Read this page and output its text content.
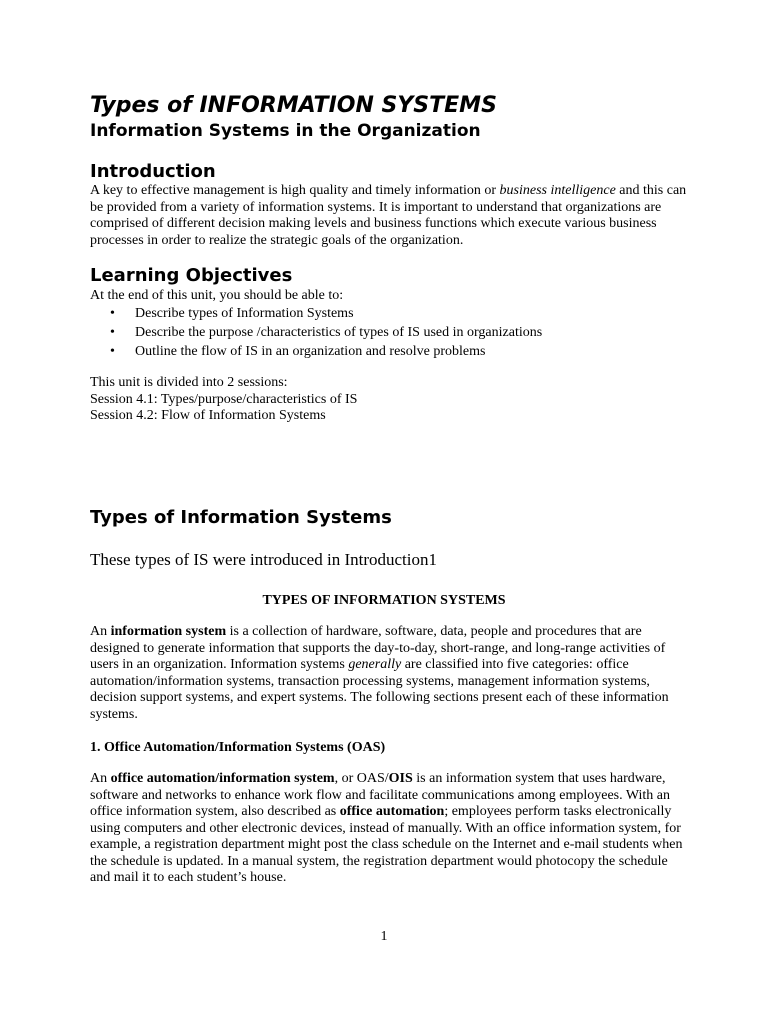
Types of INFORMATION SYSTEMS
Information Systems in the Organization
Introduction

A key to effective management is high quality and timely information or business intelligence and this can be provided from a variety of information systems. It is important to understand that organizations are comprised of different decision making levels and business functions which execute various business processes in order to realize the strategic goals of the organization.

Learning Objectives
At the end of this unit, you should be able to:
• Describe types of Information Systems
• Describe the purpose /characteristics of types of IS used in organizations
• Outline the flow of IS in an organization and resolve problems
This unit is divided into 2 sessions:
Session 4.1: Types/purpose/characteristics of IS
Session 4.2: Flow of Information Systems
Types of Information Systems
These types of IS were introduced in Introduction1
TYPES OF INFORMATION SYSTEMS

An information system is a collection of hardware, software, data, people and procedures that are designed to generate information that supports the day-to-day, short-range, and long-range activities of users in an organization. Information systems generally are classified into five categories: office automation/information systems, transaction processing systems, management information systems, decision support systems, and expert systems. The following sections present each of these information systems.

1. Office Automation/Information Systems (OAS)

An office automation/information system, or OAS/OIS is an information system that uses hardware, software and networks to enhance work flow and facilitate communications among employees. With an office information system, also described as office automation; employees perform tasks electronically using computers and other electronic devices, instead of manually. With an office information system, for example, a registration department might post the class schedule on the Internet and e-mail students when the schedule is updated. In a manual system, the registration department would photocopy the schedule and mail it to each student’s house.

1
